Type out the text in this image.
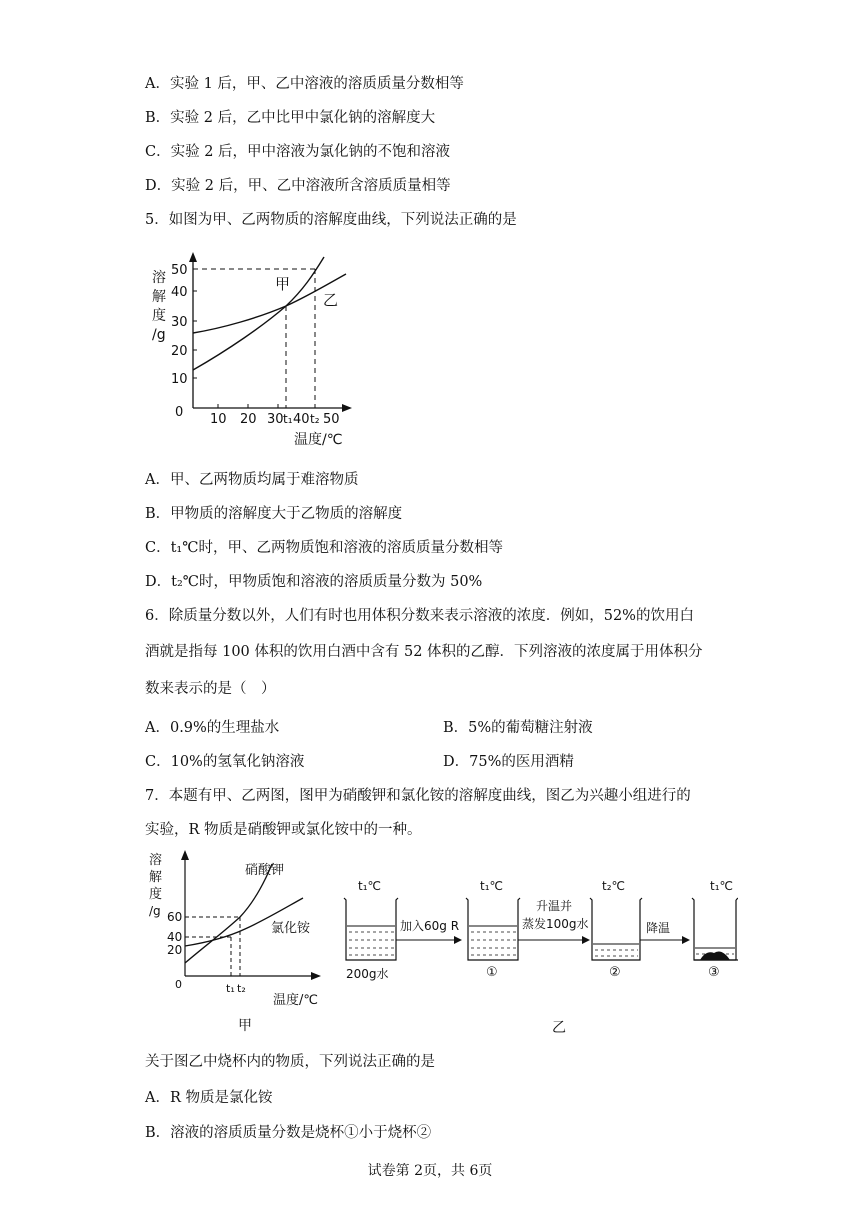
A．实验 1 后，甲、乙中溶液的溶质质量分数相等
B．实验 2 后，乙中比甲中氯化钠的溶解度大
C．实验 2 后，甲中溶液为氯化钠的不饱和溶液
D．实验 2 后，甲、乙中溶液所含溶质质量相等
5．如图为甲、乙两物质的溶解度曲线，下列说法正确的是
溶
解
度
/g
50
40
30
20
10
0 10 20 30 t₁ 40 t₂ 50
温度/℃
甲
乙
A．甲、乙两物质均属于难溶物质
B．甲物质的溶解度大于乙物质的溶解度
C．t₁℃时，甲、乙两物质饱和溶液的溶质质量分数相等
D．t₂℃时，甲物质饱和溶液的溶质质量分数为 50%
6．除质量分数以外，人们有时也用体积分数来表示溶液的浓度．例如，52%的饮用白
酒就是指每 100 体积的饮用白酒中含有 52 体积的乙醇．下列溶液的浓度属于用体积分
数来表示的是（　）
A．0.9%的生理盐水	B．5%的葡萄糖注射液
C．10%的氢氧化钠溶液	D．75%的医用酒精
7．本题有甲、乙两图，图甲为硝酸钾和氯化铵的溶解度曲线，图乙为兴趣小组进行的
实验，R 物质是硝酸钾或氯化铵中的一种。
溶
解
度
/g 60
40
20
0	t₁ t₂
温度/℃
硝酸钾
氯化铵
甲
t₁℃	t₁℃	t₂℃	t₁℃
加入60g R
升温并
蒸发100g水	降温
200g水	①	②	③
乙
关于图乙中烧杯内的物质，下列说法正确的是
A．R 物质是氯化铵
B．溶液的溶质质量分数是烧杯①小于烧杯②
试卷第 2页，共 6页
